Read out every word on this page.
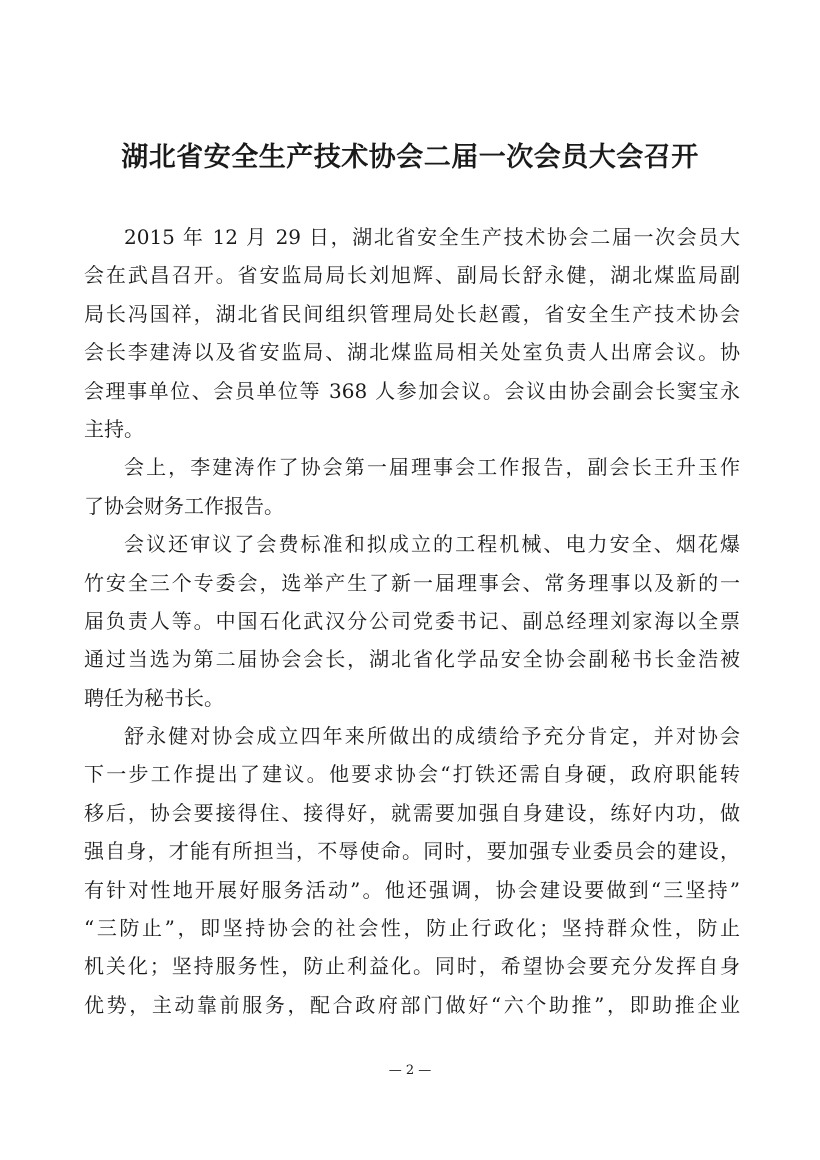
湖北省安全生产技术协会二届一次会员大会召开
2015 年 12 月 29 日，湖北省安全生产技术协会二届一次会员大
会在武昌召开。省安监局局长刘旭辉、副局长舒永健，湖北煤监局副
局长冯国祥，湖北省民间组织管理局处长赵霞，省安全生产技术协会
会长李建涛以及省安监局、湖北煤监局相关处室负责人出席会议。协
会理事单位、会员单位等 368 人参加会议。会议由协会副会长窦宝永
主持。
会上，李建涛作了协会第一届理事会工作报告，副会长王升玉作
了协会财务工作报告。
会议还审议了会费标准和拟成立的工程机械、电力安全、烟花爆
竹安全三个专委会，选举产生了新一届理事会、常务理事以及新的一
届负责人等。中国石化武汉分公司党委书记、副总经理刘家海以全票
通过当选为第二届协会会长，湖北省化学品安全协会副秘书长金浩被
聘任为秘书长。
舒永健对协会成立四年来所做出的成绩给予充分肯定，并对协会
下一步工作提出了建议。他要求协会“打铁还需自身硬，政府职能转
移后，协会要接得住、接得好，就需要加强自身建设，练好内功，做
强自身，才能有所担当，不辱使命。同时，要加强专业委员会的建设，
有针对性地开展好服务活动”。他还强调，协会建设要做到“三坚持”
“三防止”，即坚持协会的社会性，防止行政化；坚持群众性，防止
机关化；坚持服务性，防止利益化。同时，希望协会要充分发挥自身
优势，主动靠前服务，配合政府部门做好“六个助推”，即助推企业
— 2 —
